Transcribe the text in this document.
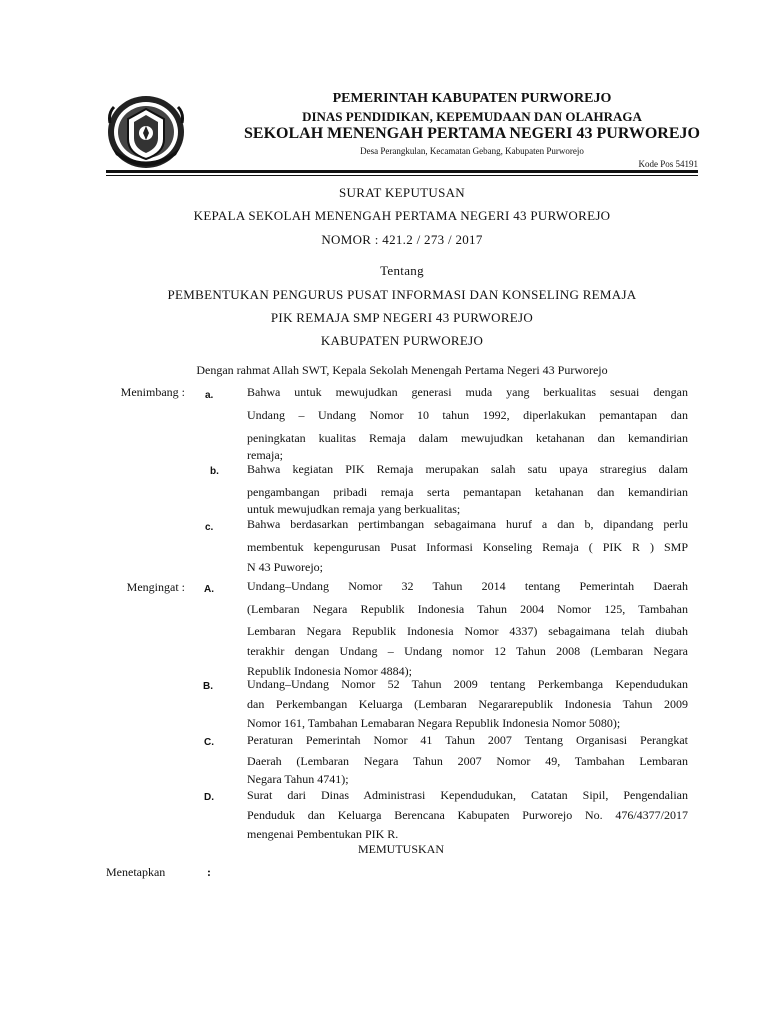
PEMERINTAH KABUPATEN PURWOREJO
DINAS PENDIDIKAN, KEPEMUDAAN DAN OLAHRAGA
SEKOLAH MENENGAH PERTAMA NEGERI 43 PURWOREJO
Desa Perangkulan, Kecamatan Gebang, Kabupaten Purworejo
Kode Pos 54191
SURAT KEPUTUSAN
KEPALA SEKOLAH MENENGAH PERTAMA NEGERI 43 PURWOREJO
NOMOR : 421.2 / 273 / 2017
Tentang
PEMBENTUKAN PENGURUS PUSAT INFORMASI DAN KONSELING REMAJA
PIK REMAJA SMP NEGERI 43 PURWOREJO
KABUPATEN PURWOREJO
Dengan rahmat Allah SWT, Kepala Sekolah Menengah Pertama Negeri 43 Purworejo
Menimbang : a.	Bahwa untuk mewujudkan generasi muda yang berkualitas sesuai dengan
Undang – Undang Nomor 10 tahun 1992, diperlakukan pemantapan dan
peningkatan kualitas Remaja dalam mewujudkan ketahanan dan kemandirian
remaja;
b. Bahwa kegiatan PIK Remaja merupakan salah satu upaya straregius dalam
pengambangan pribadi remaja serta pemantapan ketahanan dan kemandirian
untuk mewujudkan remaja yang berkualitas;
c.	Bahwa berdasarkan pertimbangan sebagaimana huruf a dan b, dipandang perlu
membentuk kepengurusan Pusat Informasi Konseling Remaja ( PIK R ) SMP
N 43 Puworejo;
Mengingat : A.	Undang–Undang Nomor 32 Tahun 2014 tentang Pemerintah Daerah
(Lembaran Negara Republik Indonesia Tahun 2004 Nomor 125, Tambahan
Lembaran Negara Republik Indonesia Nomor 4337) sebagaimana telah diubah
terakhir dengan Undang – Undang nomor 12 Tahun 2008 (Lembaran Negara
Republik Indonesia Nomor 4884);
B.	Undang–Undang Nomor 52 Tahun 2009 tentang Perkembanga Kependudukan
dan Perkembangan Keluarga (Lembaran Negararepublik Indonesia Tahun 2009
Nomor 161, Tambahan Lemabaran Negara Republik Indonesia Nomor 5080);
C.	Peraturan Pemerintah Nomor 41 Tahun 2007 Tentang Organisasi Perangkat
Daerah (Lembaran Negara Tahun 2007 Nomor 49, Tambahan Lembaran
Negara Tahun 4741);
D.	Surat dari Dinas Administrasi Kependudukan, Catatan Sipil, Pengendalian
Penduduk dan Keluarga Berencana Kabupaten Purworejo No. 476/4377/2017
mengenai Pembentukan PIK R.
MEMUTUSKAN
Menetapkan	:
